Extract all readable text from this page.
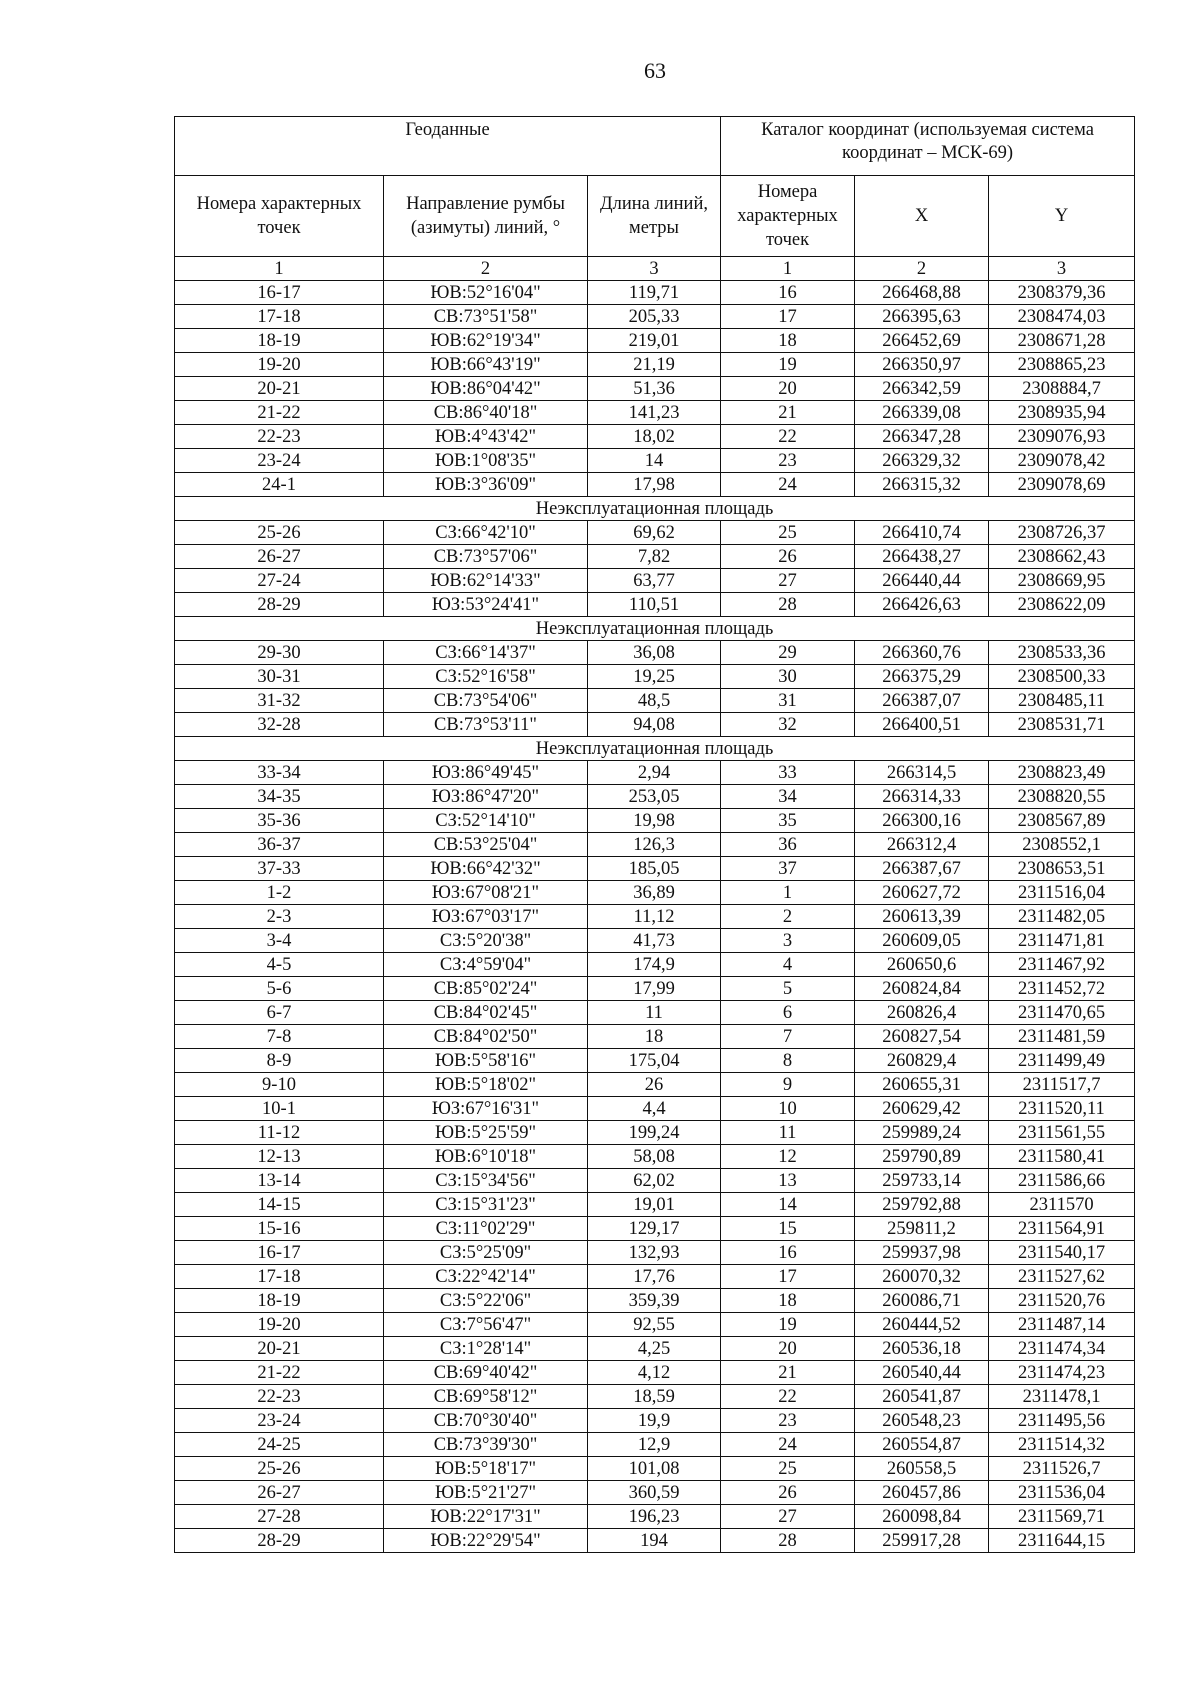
63
Геоданные			Каталог координат (используемая система координат – МСК-69)		
Номера характерных точек	Направление румбы (азимуты) линий, °	Длина линий, метры	Номера характерных точек	X	Y
1	2	3	1	2	3
16-17	ЮВ:52°16'04"	119,71	16	266468,88	2308379,36
17-18	СВ:73°51'58"	205,33	17	266395,63	2308474,03
18-19	ЮВ:62°19'34"	219,01	18	266452,69	2308671,28
19-20	ЮВ:66°43'19"	21,19	19	266350,97	2308865,23
20-21	ЮВ:86°04'42"	51,36	20	266342,59	2308884,7
21-22	СВ:86°40'18"	141,23	21	266339,08	2308935,94
22-23	ЮВ:4°43'42"	18,02	22	266347,28	2309076,93
23-24	ЮВ:1°08'35"	14	23	266329,32	2309078,42
24-1	ЮВ:3°36'09"	17,98	24	266315,32	2309078,69
Неэксплуатационная площадь					
25-26	СЗ:66°42'10"	69,62	25	266410,74	2308726,37
26-27	СВ:73°57'06"	7,82	26	266438,27	2308662,43
27-24	ЮВ:62°14'33"	63,77	27	266440,44	2308669,95
28-29	ЮЗ:53°24'41"	110,51	28	266426,63	2308622,09
Неэксплуатационная площадь					
29-30	СЗ:66°14'37"	36,08	29	266360,76	2308533,36
30-31	СЗ:52°16'58"	19,25	30	266375,29	2308500,33
31-32	СВ:73°54'06"	48,5	31	266387,07	2308485,11
32-28	СВ:73°53'11"	94,08	32	266400,51	2308531,71
Неэксплуатационная площадь					
33-34	ЮЗ:86°49'45"	2,94	33	266314,5	2308823,49
34-35	ЮЗ:86°47'20"	253,05	34	266314,33	2308820,55
35-36	СЗ:52°14'10"	19,98	35	266300,16	2308567,89
36-37	СВ:53°25'04"	126,3	36	266312,4	2308552,1
37-33	ЮВ:66°42'32"	185,05	37	266387,67	2308653,51
1-2	ЮЗ:67°08'21"	36,89	1	260627,72	2311516,04
2-3	ЮЗ:67°03'17"	11,12	2	260613,39	2311482,05
3-4	СЗ:5°20'38"	41,73	3	260609,05	2311471,81
4-5	СЗ:4°59'04"	174,9	4	260650,6	2311467,92
5-6	СВ:85°02'24"	17,99	5	260824,84	2311452,72
6-7	СВ:84°02'45"	11	6	260826,4	2311470,65
7-8	СВ:84°02'50"	18	7	260827,54	2311481,59
8-9	ЮВ:5°58'16"	175,04	8	260829,4	2311499,49
9-10	ЮВ:5°18'02"	26	9	260655,31	2311517,7
10-1	ЮЗ:67°16'31"	4,4	10	260629,42	2311520,11
11-12	ЮВ:5°25'59"	199,24	11	259989,24	2311561,55
12-13	ЮВ:6°10'18"	58,08	12	259790,89	2311580,41
13-14	СЗ:15°34'56"	62,02	13	259733,14	2311586,66
14-15	СЗ:15°31'23"	19,01	14	259792,88	2311570
15-16	СЗ:11°02'29"	129,17	15	259811,2	2311564,91
16-17	СЗ:5°25'09"	132,93	16	259937,98	2311540,17
17-18	СЗ:22°42'14"	17,76	17	260070,32	2311527,62
18-19	СЗ:5°22'06"	359,39	18	260086,71	2311520,76
19-20	СЗ:7°56'47"	92,55	19	260444,52	2311487,14
20-21	СЗ:1°28'14"	4,25	20	260536,18	2311474,34
21-22	СВ:69°40'42"	4,12	21	260540,44	2311474,23
22-23	СВ:69°58'12"	18,59	22	260541,87	2311478,1
23-24	СВ:70°30'40"	19,9	23	260548,23	2311495,56
24-25	СВ:73°39'30"	12,9	24	260554,87	2311514,32
25-26	ЮВ:5°18'17"	101,08	25	260558,5	2311526,7
26-27	ЮВ:5°21'27"	360,59	26	260457,86	2311536,04
27-28	ЮВ:22°17'31"	196,23	27	260098,84	2311569,71
28-29	ЮВ:22°29'54"	194	28	259917,28	2311644,15
